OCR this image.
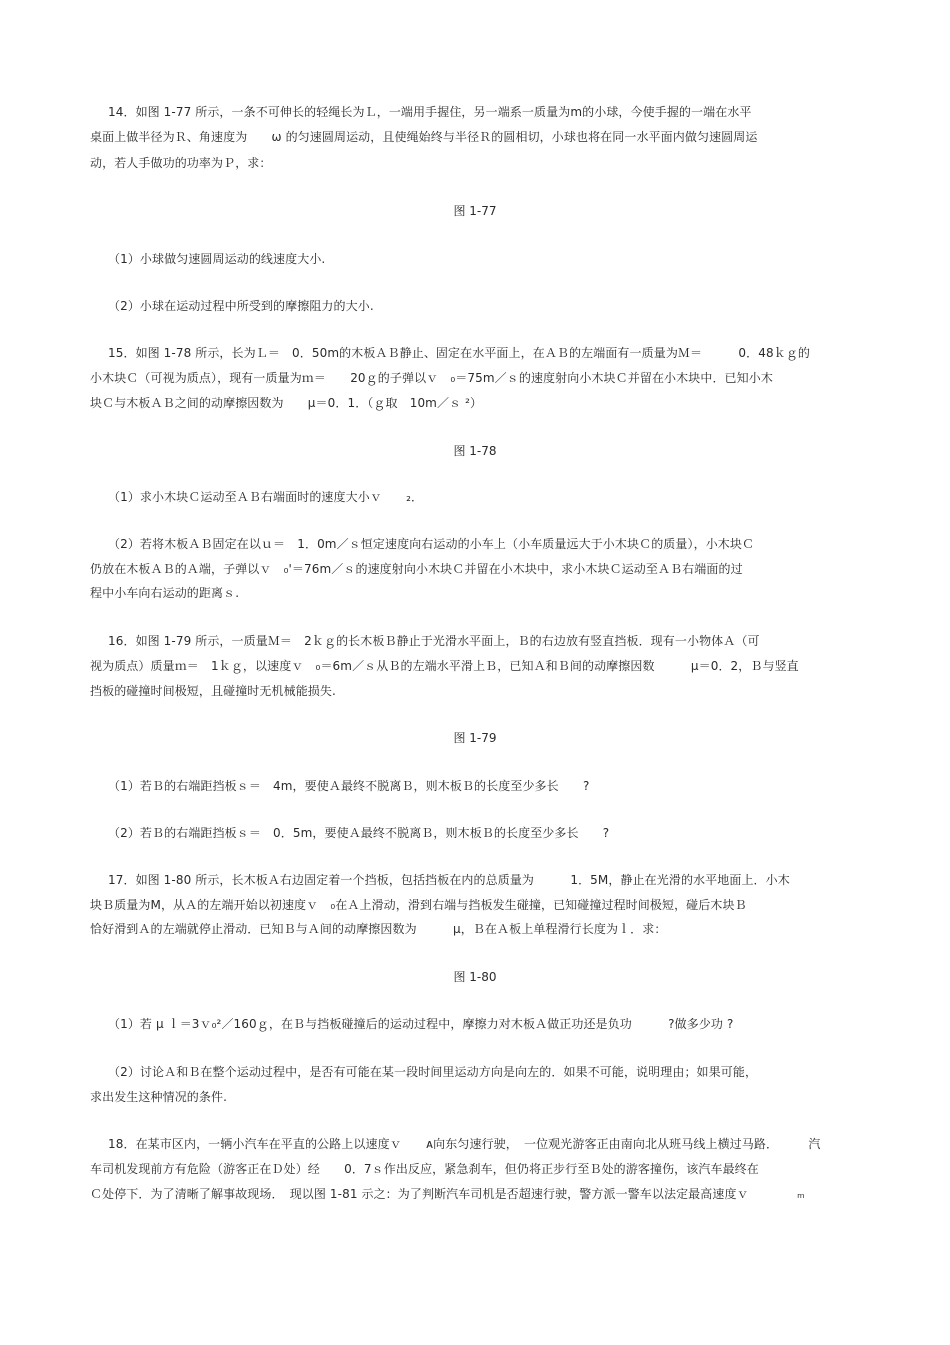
14．如图 1-77 所示，一条不可伸长的轻绳长为Ｌ，一端用手握住，另一端系一质量为m的小球，今使手握的一端在水平
桌面上做半径为Ｒ、角速度为　　ω 的匀速圆周运动，且使绳始终与半径Ｒ的圆相切，小球也将在同一水平面内做匀速圆周运
动，若人手做功的功率为Ｐ，求：
图 1-77
（1）小球做匀速圆周运动的线速度大小.
（2）小球在运动过程中所受到的摩擦阻力的大小.
15．如图 1-78 所示，长为Ｌ＝　0．50m的木板ＡＢ静止、固定在水平面上，在ＡＢ的左端面有一质量为Ｍ＝　　　0．48ｋｇ的
小木块Ｃ（可视为质点），现有一质量为ｍ＝　　20ｇ的子弹以ｖ　₀＝75m／ｓ的速度射向小木块Ｃ并留在小木块中．已知小木
块Ｃ与木板ＡＢ之间的动摩擦因数为　　μ＝0．1．（ｇ取　10m／ｓ ²）
图 1-78
（1）求小木块Ｃ运动至ＡＢ右端面时的速度大小ｖ　　₂．
（2）若将木板ＡＢ固定在以ｕ＝　1．0m／ｓ恒定速度向右运动的小车上（小车质量远大于小木块Ｃ的质量），小木块Ｃ
仍放在木板ＡＢ的Ａ端，子弹以ｖ　₀'＝76m／ｓ的速度射向小木块Ｃ并留在小木块中，求小木块Ｃ运动至ＡＢ右端面的过
程中小车向右运动的距离ｓ.
16．如图 1-79 所示，一质量Ｍ＝　2ｋｇ的长木板Ｂ静止于光滑水平面上，Ｂ的右边放有竖直挡板．现有一小物体Ａ（可
视为质点）质量ｍ＝　1ｋｇ，以速度ｖ　₀＝6m／ｓ从Ｂ的左端水平滑上Ｂ，已知Ａ和Ｂ间的动摩擦因数　　　μ＝0．2，Ｂ与竖直
挡板的碰撞时间极短，且碰撞时无机械能损失.
图 1-79
（1）若Ｂ的右端距挡板ｓ＝　4m，要使Ａ最终不脱离Ｂ，则木板Ｂ的长度至少多长　　?
（2）若Ｂ的右端距挡板ｓ＝　0．5m，要使Ａ最终不脱离Ｂ，则木板Ｂ的长度至少多长　　?
17．如图 1-80 所示，长木板Ａ右边固定着一个挡板，包括挡板在内的总质量为　　　1．5M，静止在光滑的水平地面上．小木
块Ｂ质量为M，从Ａ的左端开始以初速度ｖ　₀在Ａ上滑动，滑到右端与挡板发生碰撞，已知碰撞过程时间极短，碰后木块Ｂ
恰好滑到Ａ的左端就停止滑动．已知Ｂ与Ａ间的动摩擦因数为　　　μ，Ｂ在Ａ板上单程滑行长度为ｌ．求：
图 1-80
（1）若 μ ｌ＝3ｖ₀²／160ｇ，在Ｂ与挡板碰撞后的运动过程中，摩擦力对木板Ａ做正功还是负功　　　?做多少功 ?
（2）讨论Ａ和Ｂ在整个运动过程中，是否有可能在某一段时间里运动方向是向左的．如果不可能，说明理由；如果可能，
求出发生这种情况的条件.
18．在某市区内，一辆小汽车在平直的公路上以速度ｖ　　ᴀ向东匀速行驶，　一位观光游客正由南向北从班马线上横过马路．　　　汽
车司机发现前方有危险（游客正在Ｄ处）经　　0．7ｓ作出反应，紧急刹车，但仍将正步行至Ｂ处的游客撞伤，该汽车最终在
Ｃ处停下．为了清晰了解事故现场．　现以图 1-81 示之：为了判断汽车司机是否超速行驶，警方派一警车以法定最高速度ｖ　　　　ₘ
